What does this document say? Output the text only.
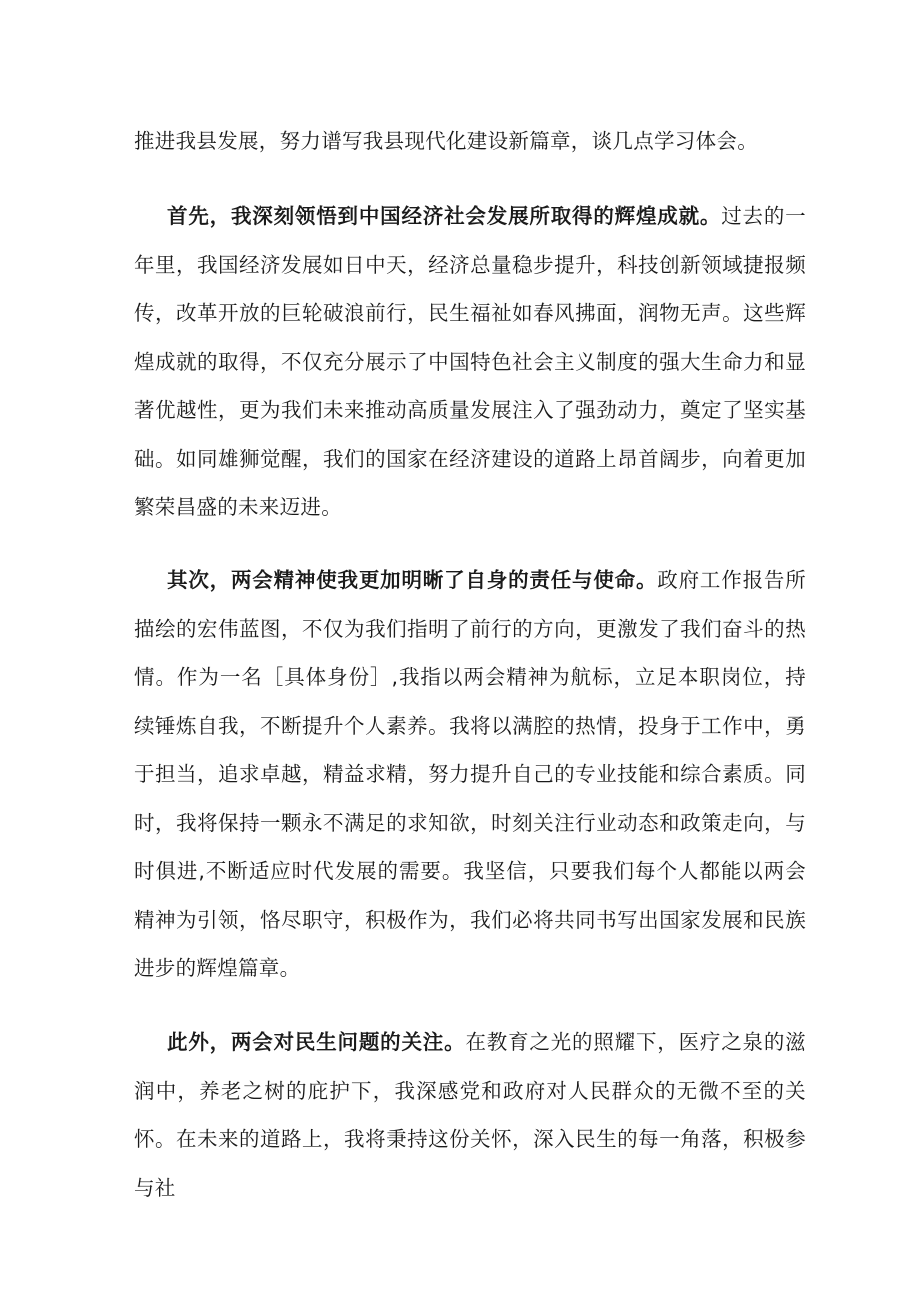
推进我县发展，努力谱写我县现代化建设新篇章，谈几点学习体会。

首先，我深刻领悟到中国经济社会发展所取得的辉煌成就。过去的一年里，我国经济发展如日中天，经济总量稳步提升，科技创新领域捷报频传，改革开放的巨轮破浪前行，民生福祉如春风拂面，润物无声。这些辉煌成就的取得，不仅充分展示了中国特色社会主义制度的强大生命力和显著优越性，更为我们未来推动高质量发展注入了强劲动力，奠定了坚实基础。如同雄狮觉醒，我们的国家在经济建设的道路上昂首阔步，向着更加繁荣昌盛的未来迈进。

其次，两会精神使我更加明晰了自身的责任与使命。政府工作报告所描绘的宏伟蓝图，不仅为我们指明了前行的方向，更激发了我们奋斗的热情。作为一名［具体身份］,我指以两会精神为航标，立足本职岗位，持续锤炼自我，不断提升个人素养。我将以满腔的热情，投身于工作中，勇于担当，追求卓越，精益求精，努力提升自己的专业技能和综合素质。同时，我将保持一颗永不满足的求知欲，时刻关注行业动态和政策走向，与时俱进,不断适应时代发展的需要。我坚信，只要我们每个人都能以两会精神为引领，恪尽职守，积极作为，我们必将共同书写出国家发展和民族进步的辉煌篇章。

此外，两会对民生问题的关注。在教育之光的照耀下，医疗之泉的滋润中，养老之树的庇护下，我深感党和政府对人民群众的无微不至的关怀。在未来的道路上，我将秉持这份关怀，深入民生的每一角落，积极参与社
